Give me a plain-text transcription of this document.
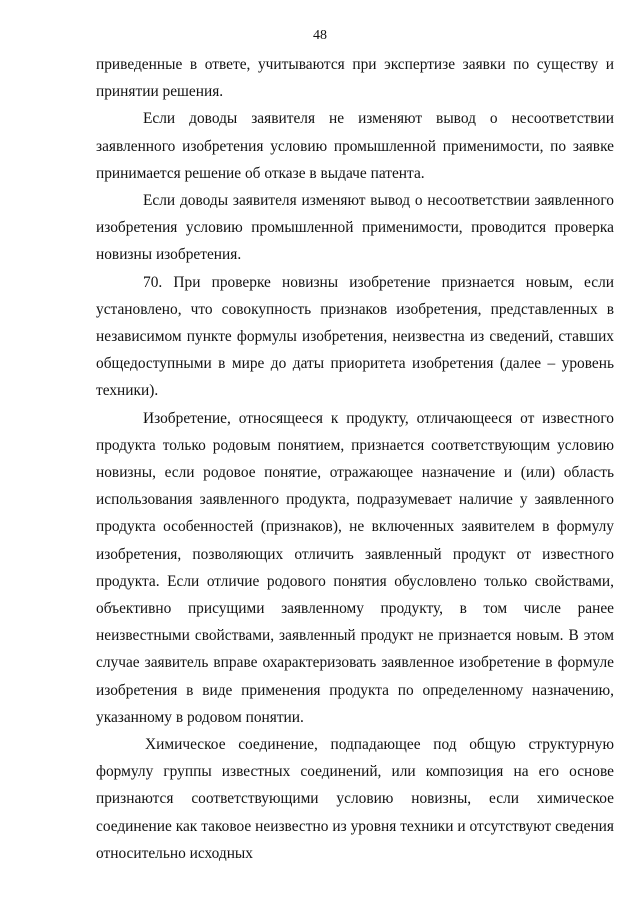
48

приведенные в ответе, учитываются при экспертизе заявки по существу и принятии решения.

Если доводы заявителя не изменяют вывод о несоответствии заявленного изобретения условию промышленной применимости, по заявке принимается решение об отказе в выдаче патента.

Если доводы заявителя изменяют вывод о несоответствии заявленного изобретения условию промышленной применимости, проводится проверка новизны изобретения.

70. При проверке новизны изобретение признается новым, если установлено, что совокупность признаков изобретения, представленных в независимом пункте формулы изобретения, неизвестна из сведений, ставших общедоступными в мире до даты приоритета изобретения (далее – уровень техники).

Изобретение, относящееся к продукту, отличающееся от известного продукта только родовым понятием, признается соответствующим условию новизны, если родовое понятие, отражающее назначение и (или) область использования заявленного продукта, подразумевает наличие у заявленного продукта особенностей (признаков), не включенных заявителем в формулу изобретения, позволяющих отличить заявленный продукт от известного продукта. Если отличие родового понятия обусловлено только свойствами, объективно присущими заявленному продукту, в том числе ранее неизвестными свойствами, заявленный продукт не признается новым. В этом случае заявитель вправе охарактеризовать заявленное изобретение в формуле изобретения в виде применения продукта по определенному назначению, указанному в родовом понятии.

Химическое соединение, подпадающее под общую структурную формулу группы известных соединений, или композиция на его основе признаются соответствующими условию новизны, если химическое соединение как таковое неизвестно из уровня техники и отсутствуют сведения относительно исходных
